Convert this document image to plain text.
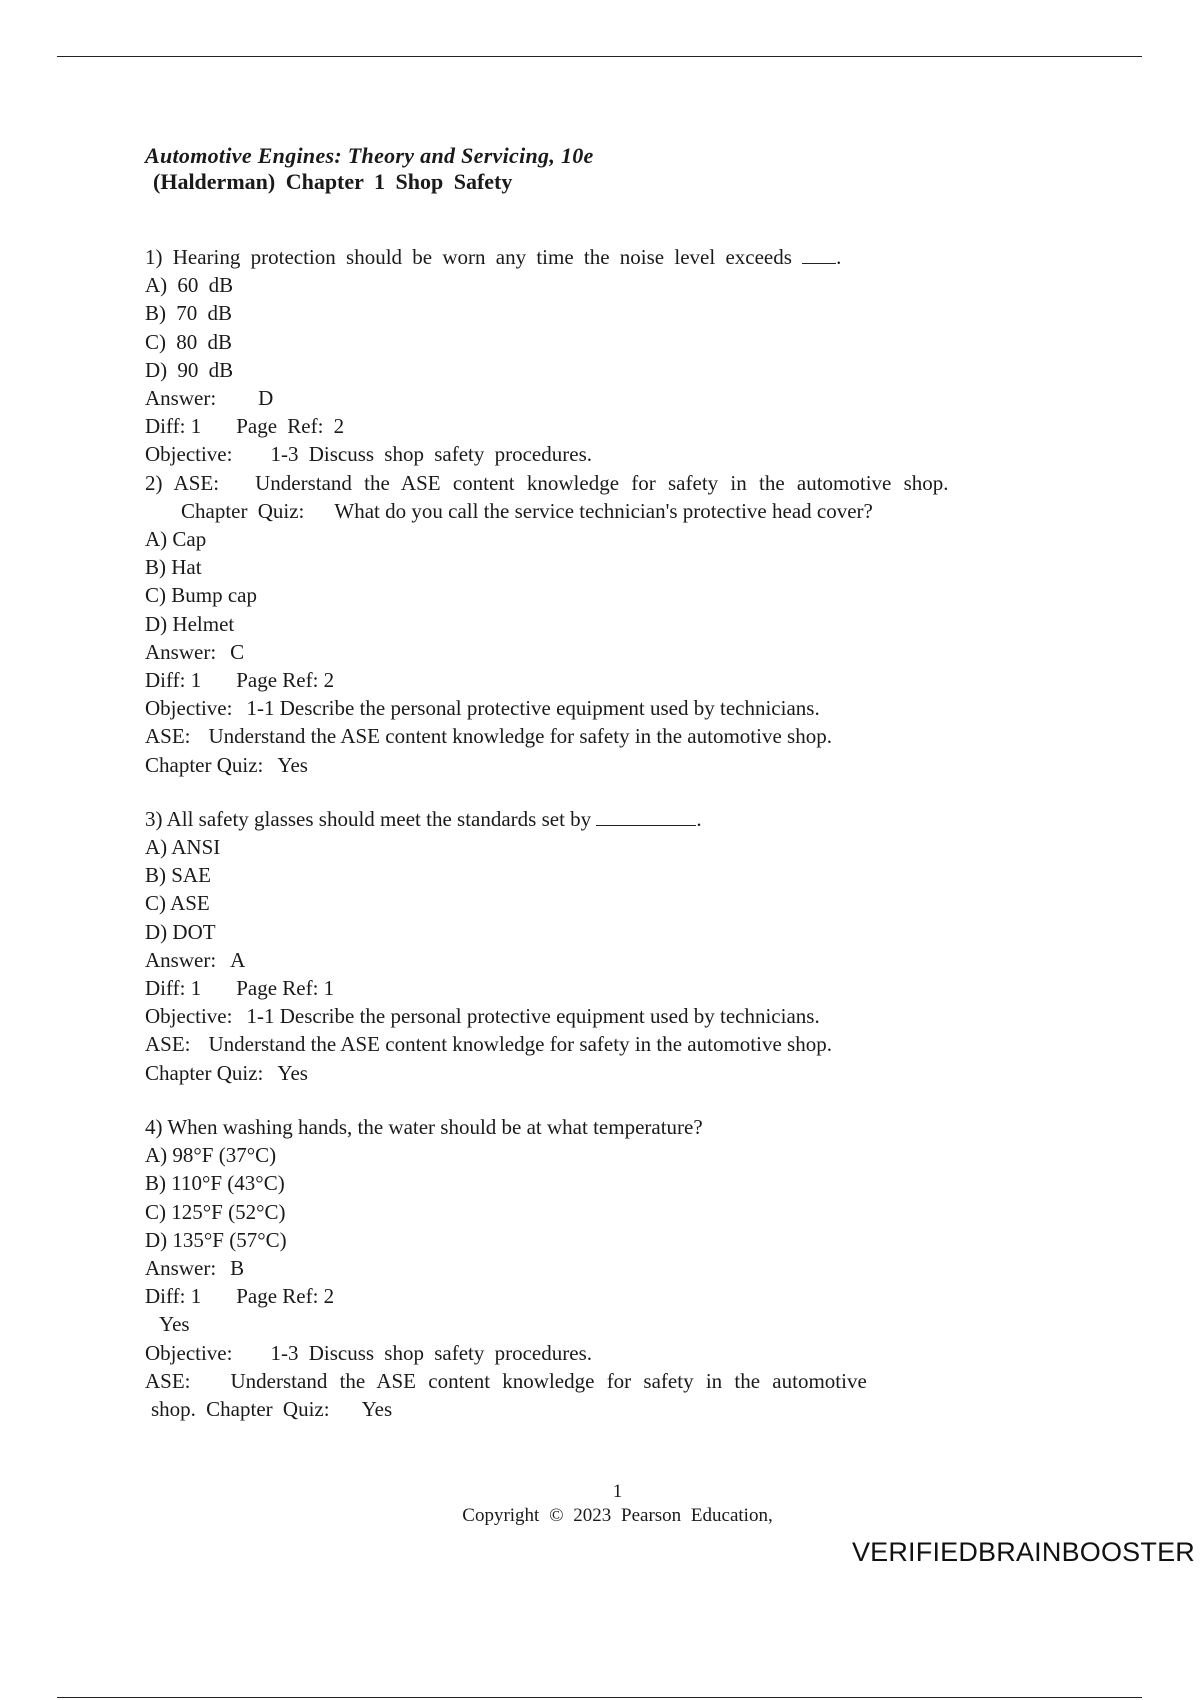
Automotive Engines: Theory and Servicing, 10e
(Halderman) Chapter 1 Shop Safety
1) Hearing protection should be worn any time the noise level exceeds .
A) 60 dB
B) 70 dB
C) 80 dB
D) 90 dB
Answer: D
Diff: 1 Page Ref: 2
Objective: 1-3 Discuss shop safety procedures.
2) ASE: Understand the ASE content knowledge for safety in the automotive shop.
Chapter Quiz: What do you call the service technician's protective head cover?
A) Cap
B) Hat
C) Bump cap
D) Helmet
Answer: C
Diff: 1 Page Ref: 2
Objective: 1-1 Describe the personal protective equipment used by technicians.
ASE: Understand the ASE content knowledge for safety in the automotive shop.
Chapter Quiz: Yes
3) All safety glasses should meet the standards set by	.
A) ANSI
B) SAE
C) ASE
D) DOT
Answer: A
Diff: 1 Page Ref: 1
Objective: 1-1 Describe the personal protective equipment used by technicians.
ASE: Understand the ASE content knowledge for safety in the automotive shop.
Chapter Quiz: Yes
4) When washing hands, the water should be at what temperature?
A) 98°F (37°C)
B) 110°F (43°C)
C) 125°F (52°C)
D) 135°F (57°C)
Answer: B
Diff: 1 Page Ref: 2
Yes
Objective: 1-3 Discuss shop safety procedures.
ASE: Understand the ASE content knowledge for safety in the automotive
shop. Chapter Quiz: Yes
1
Copyright © 2023 Pearson Education,
VERIFIEDBRAINBOOSTER
